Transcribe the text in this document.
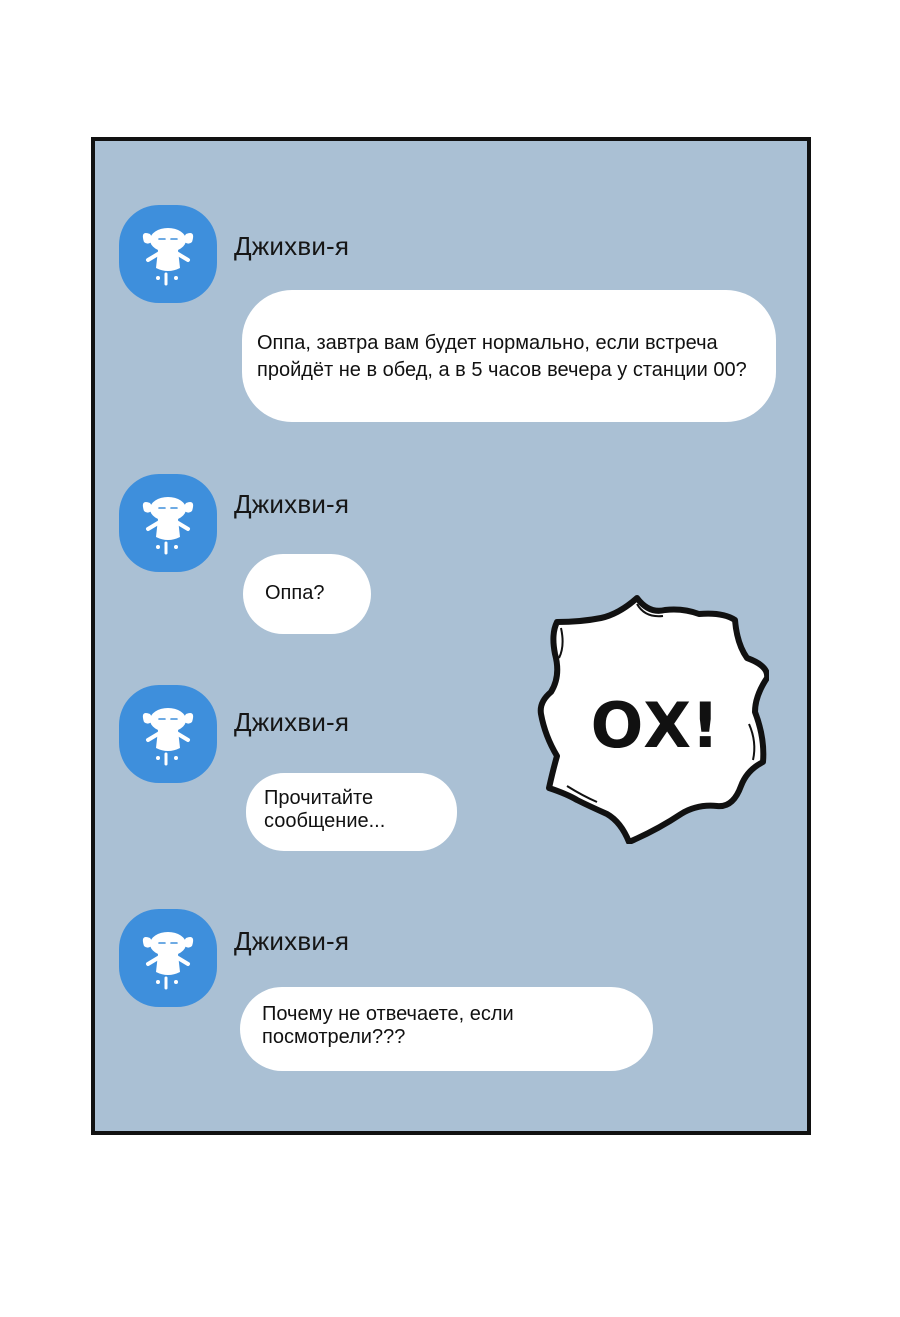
Джихви-я
Оппа, завтра вам будет нормально, если встреча
пройдёт не в обед, а в 5 часов вечера у станции 00?
Джихви-я
Оппа?
Джихви-я
Прочитайте
сообщение...
Джихви-я
Почему не отвечаете, если
посмотрели???
ОХ!
